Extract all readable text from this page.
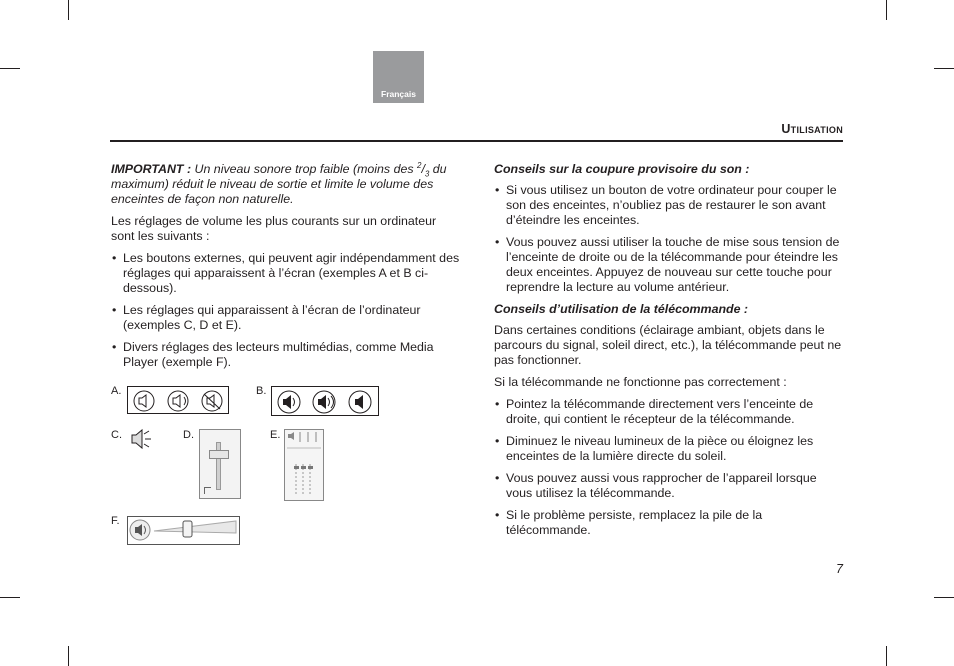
Français
Utilisation

IMPORTANT : Un niveau sonore trop faible (moins des $^2/_3$ du maximum) réduit le niveau de sortie et limite le volume des enceintes de façon non naturelle.

Les réglages de volume les plus courants sur un ordinateur sont les suivants :

• Les boutons externes, qui peuvent agir indépendamment des réglages qui apparaissent à l’écran (exemples A et B ci-dessous).
• Les réglages qui apparaissent à l’écran de l’ordinateur (exemples C, D et E).
• Divers réglages des lecteurs multimédias, comme Media Player (exemple F).
A.	B.
C.	D.	E.
F.

Conseils sur la coupure provisoire du son :

• Si vous utilisez un bouton de votre ordinateur pour couper le son des enceintes, n’oubliez pas de restaurer le son avant d’éteindre les enceintes.
• Vous pouvez aussi utiliser la touche de mise sous tension de l’enceinte de droite ou de la télécommande pour éteindre les deux enceintes. Appuyez de nouveau sur cette touche pour reprendre la lecture au volume antérieur.

Conseils d’utilisation de la télécommande :

Dans certaines conditions (éclairage ambiant, objets dans le parcours du signal, soleil direct, etc.), la télécommande peut ne pas fonctionner.

Si la télécommande ne fonctionne pas correctement :

• Pointez la télécommande directement vers l’enceinte de droite, qui contient le récepteur de la télécommande.
• Diminuez le niveau lumineux de la pièce ou éloignez les enceintes de la lumière directe du soleil.
• Vous pouvez aussi vous rapprocher de l’appareil lorsque vous utilisez la télécommande.
• Si le problème persiste, remplacez la pile de la télécommande.
7
